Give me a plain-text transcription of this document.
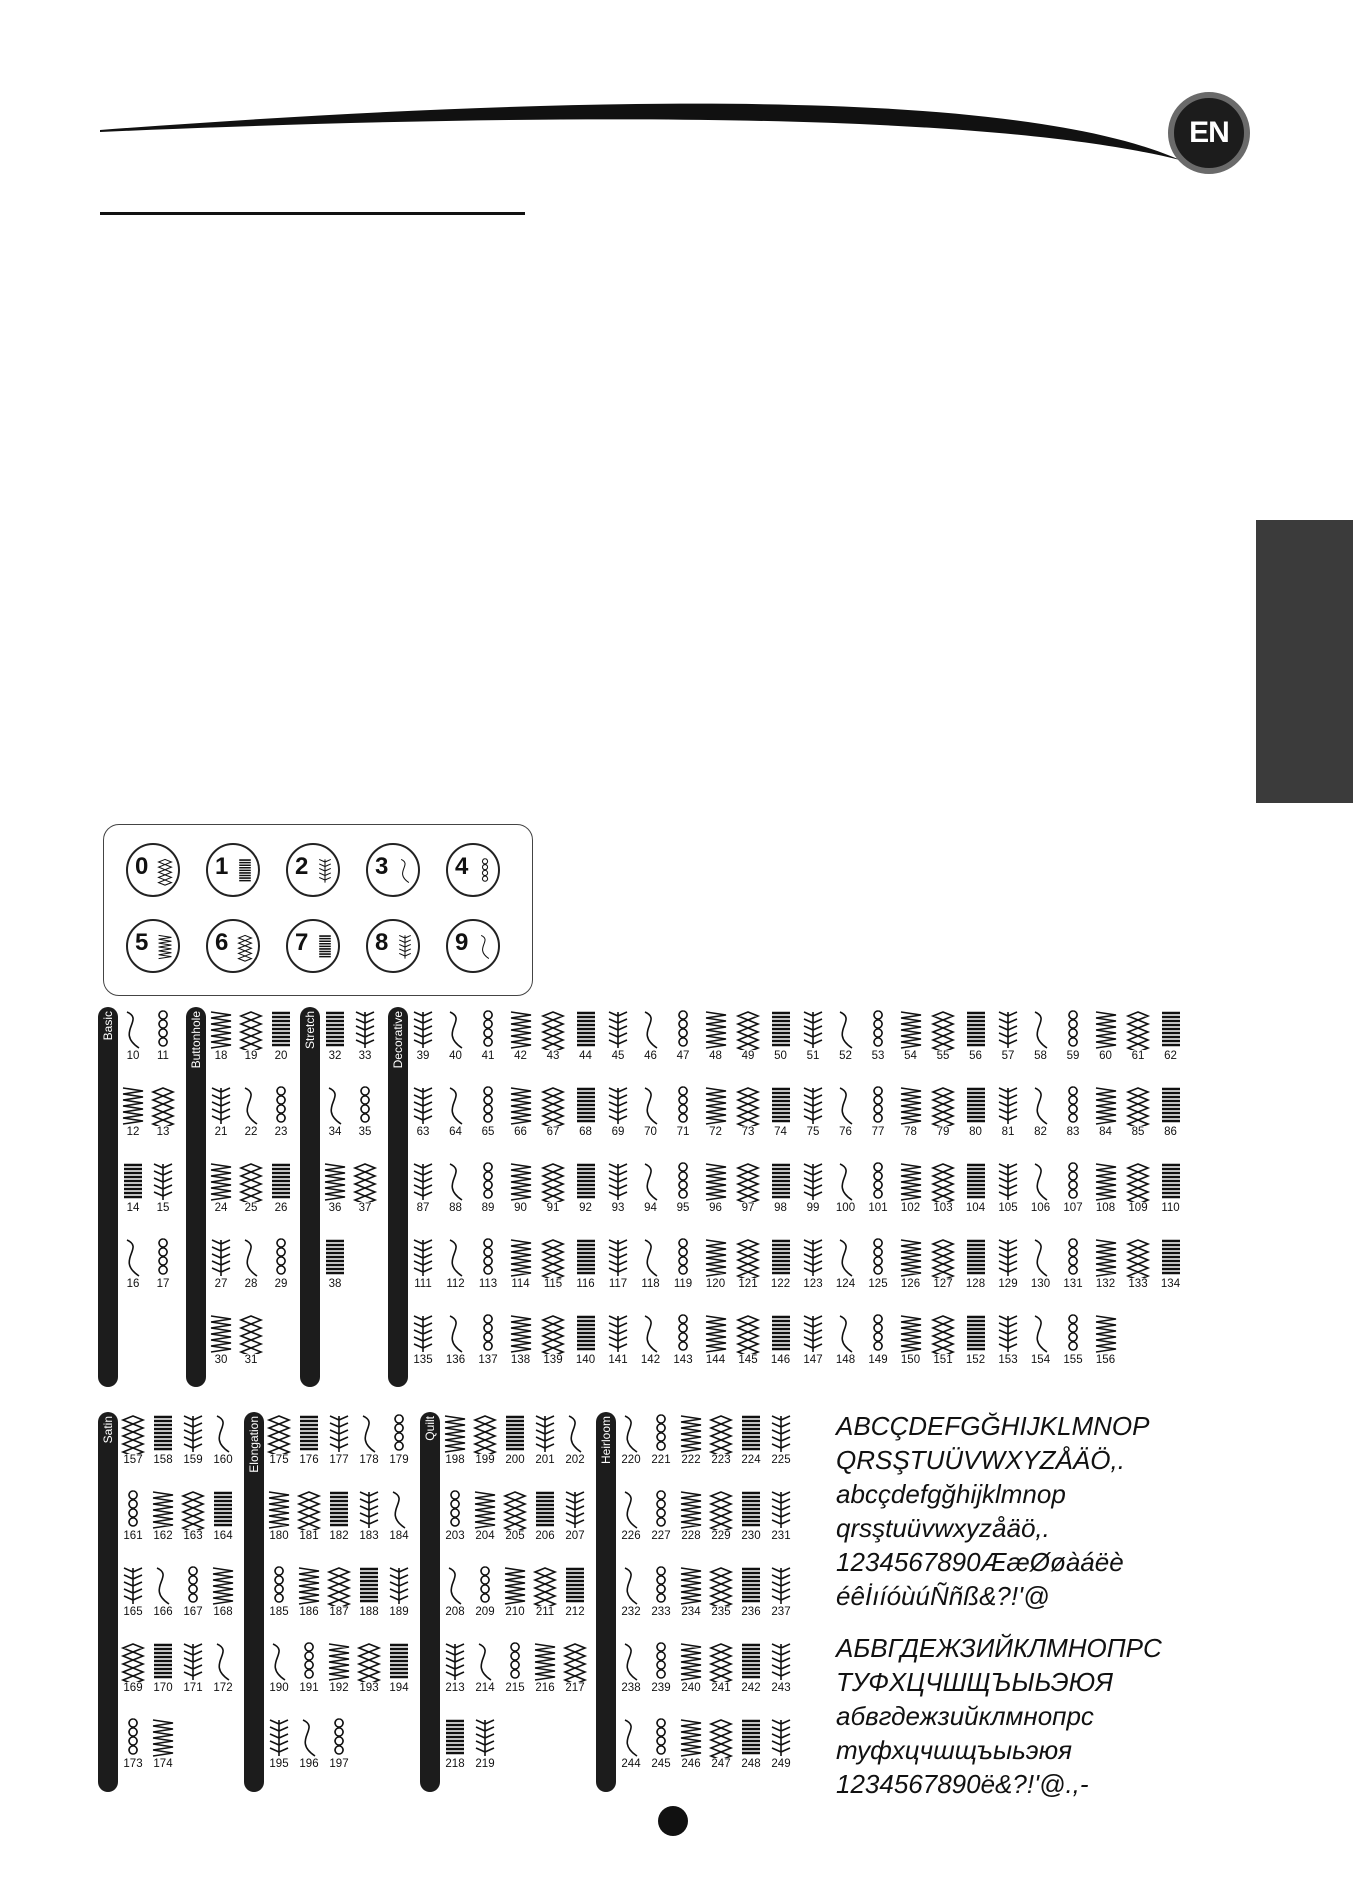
EN
0	1	2	3	4
5	6	7	8	9
Basic	Buttonhole	Stretch	Decorative
10	11	18	19	20	32	33	39	40	41	42	43	44	45	46	47	48	49	50	51	52	53	54	55	56	57	58	59	60	61	62
12	13	21	22	23	34	35	63	64	65	66	67	68	69	70	71	72	73	74	75	76	77	78	79	80	81	82	83	84	85	86
14	15	24	25	26	36	37	87	88	89	90	91	92	93	94	95	96	97	98	99	100	101	102	103	104	105	106	107	108	109	110
16	17	27	28	29	38	111	112	113	114	115	116	117	118	119	120	121	122	123	124	125	126	127	128	129	130	131	132	133	134
30	31	135	136	137	138	139	140	141	142	143	144	145	146	147	148	149	150	151	152	153	154	155	156
Satin	Elongation	Quilt	Heirloom
157 158 159 160	175 176 177 178 179	198 199 200 201 202	220 221 222 223 224 225
161 162 163 164	180 181 182 183 184	203 204 205 206 207	226 227 228 229 230 231
165 166 167 168	185 186 187 188 189	208 209 210 211 212	232 233 234 235 236 237
169 170 171 172	190 191 192 193 194	213 214 215 216 217	238 239 240 241 242 243
173 174	195 196 197	218 219	244 245 246 247 248 249
ABCÇDEFGĞHIJKLMNOP
QRSŞTUÜVWXYZÅÄÖ,.
abcçdefgğhijklmnop
qrsştuüvwxyzåäö,.
1234567890ÆæØøàáëè
éêİıíóùúÑñß&?!'@
АБВГДЕЖЗИЙКЛМНОПРС
ТУФХЦЧШЩЪЫЬЭЮЯ
абвгдежзийклмнопрс
туфхцчшщъыьэюя
1234567890ё&?!'@.,-
